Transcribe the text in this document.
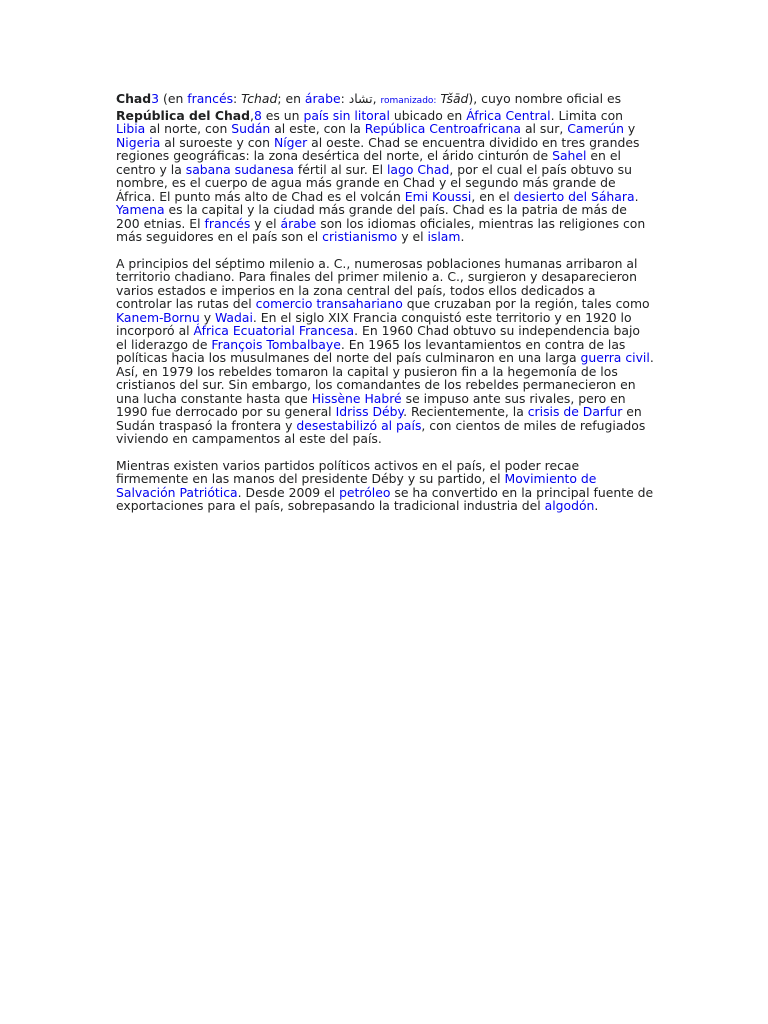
Chad3 (en francés: Tchad; en árabe: تشاد, romanizado: Tšād), cuyo nombre oficial es República del Chad,8 es un país sin litoral ubicado en África Central. Limita con Libia al norte, con Sudán al este, con la República Centroafricana al sur, Camerún y Nigeria al suroeste y con Níger al oeste. Chad se encuentra dividido en tres grandes regiones geográficas: la zona desértica del norte, el árido cinturón de Sahel en el centro y la sabana sudanesa fértil al sur. El lago Chad, por el cual el país obtuvo su nombre, es el cuerpo de agua más grande en Chad y el segundo más grande de África. El punto más alto de Chad es el volcán Emi Koussi, en el desierto del Sáhara. Yamena es la capital y la ciudad más grande del país. Chad es la patria de más de 200 etnias. El francés y el árabe son los idiomas oficiales, mientras las religiones con más seguidores en el país son el cristianismo y el islam.

A principios del séptimo milenio a. C., numerosas poblaciones humanas arribaron al territorio chadiano. Para finales del primer milenio a. C., surgieron y desaparecieron varios estados e imperios en la zona central del país, todos ellos dedicados a controlar las rutas del comercio transahariano que cruzaban por la región, tales como Kanem-Bornu y Wadai. En el siglo XIX Francia conquistó este territorio y en 1920 lo incorporó al África Ecuatorial Francesa. En 1960 Chad obtuvo su independencia bajo el liderazgo de François Tombalbaye. En 1965 los levantamientos en contra de las políticas hacia los musulmanes del norte del país culminaron en una larga guerra civil. Así, en 1979 los rebeldes tomaron la capital y pusieron fin a la hegemonía de los cristianos del sur. Sin embargo, los comandantes de los rebeldes permanecieron en una lucha constante hasta que Hissène Habré se impuso ante sus rivales, pero en 1990 fue derrocado por su general Idriss Déby. Recientemente, la crisis de Darfur en Sudán traspasó la frontera y desestabilizó al país, con cientos de miles de refugiados viviendo en campamentos al este del país.

Mientras existen varios partidos políticos activos en el país, el poder recae firmemente en las manos del presidente Déby y su partido, el Movimiento de Salvación Patriótica. Desde 2009 el petróleo se ha convertido en la principal fuente de exportaciones para el país, sobrepasando la tradicional industria del algodón.
